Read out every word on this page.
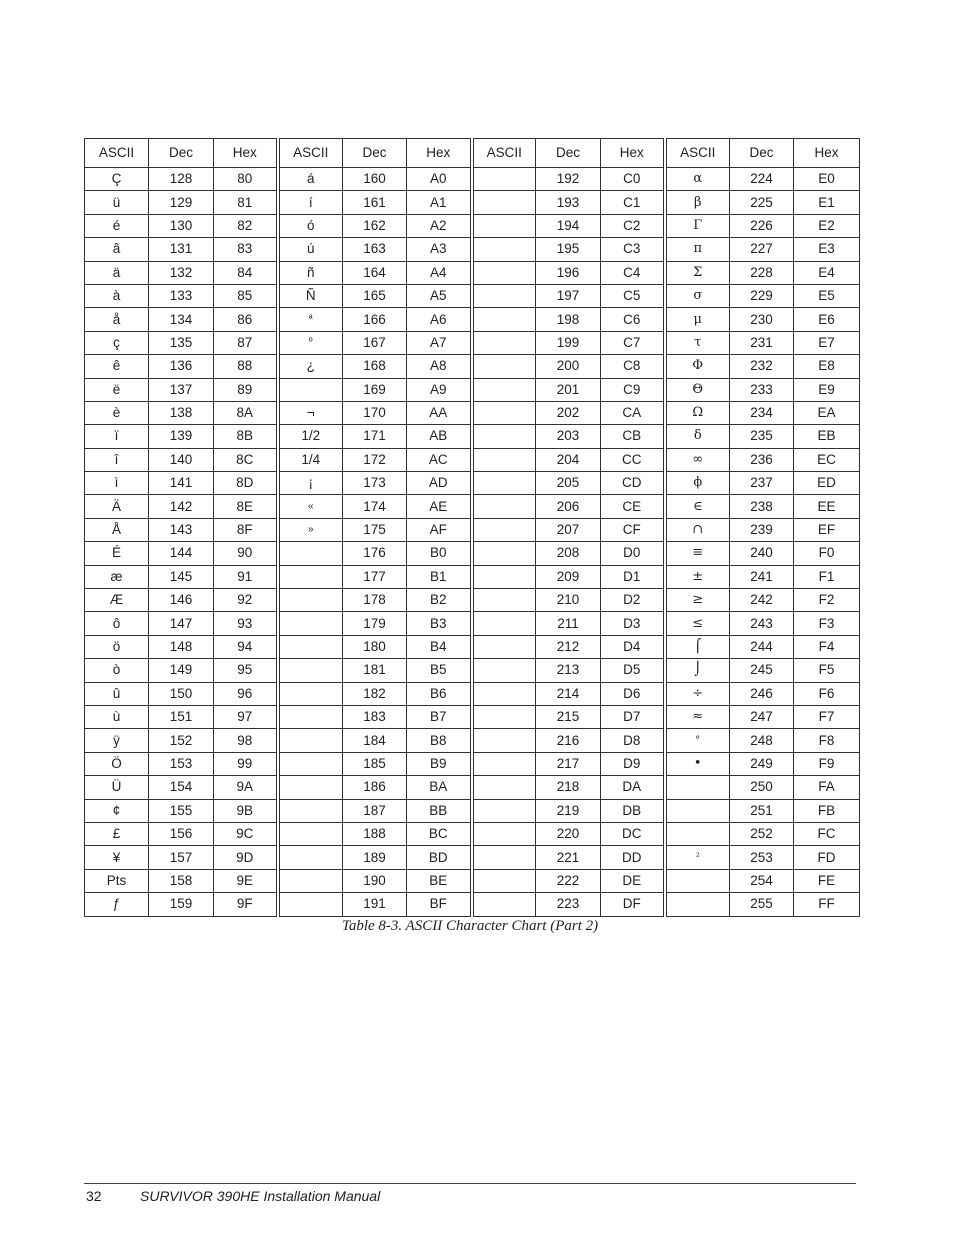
ASCII	Dec	Hex	ASCII	Dec	Hex	ASCII	Dec	Hex	ASCII	Dec	Hex
Ç	128	80	á	160	A0		192	C0	α	224	E0
ü	129	81	í	161	A1		193	C1	β	225	E1
é	130	82	ó	162	A2		194	C2	Γ	226	E2
â	131	83	ú	163	A3		195	C3	π	227	E3
ä	132	84	ñ	164	A4		196	C4	Σ	228	E4
à	133	85	Ñ	165	A5		197	C5	σ	229	E5
å	134	86	ª	166	A6		198	C6	μ	230	E6
ç	135	87	º	167	A7		199	C7	τ	231	E7
ê	136	88	¿	168	A8		200	C8	Φ	232	E8
ë	137	89		169	A9		201	C9	Θ	233	E9
è	138	8A	¬	170	AA		202	CA	Ω	234	EA
ï	139	8B	1/2	171	AB		203	CB	δ	235	EB
î	140	8C	1/4	172	AC		204	CC	∞	236	EC
ì	141	8D	¡	173	AD		205	CD	ϕ	237	ED
Ä	142	8E	«	174	AE		206	CE	∈	238	EE
Å	143	8F	»	175	AF		207	CF	∩	239	EF
É	144	90		176	B0		208	D0	≡	240	F0
æ	145	91		177	B1		209	D1	±	241	F1
Æ	146	92		178	B2		210	D2	≥	242	F2
ô	147	93		179	B3		211	D3	≤	243	F3
ö	148	94		180	B4		212	D4	⌠	244	F4
ò	149	95		181	B5		213	D5	⌡	245	F5
û	150	96		182	B6		214	D6	÷	246	F6
ù	151	97		183	B7		215	D7	≈	247	F7
ÿ	152	98		184	B8		216	D8	°	248	F8
Ö	153	99		185	B9		217	D9	•	249	F9
Ü	154	9A		186	BA		218	DA		250	FA
¢	155	9B		187	BB		219	DB		251	FB
£	156	9C		188	BC		220	DC		252	FC
¥	157	9D		189	BD		221	DD	²	253	FD
Pts	158	9E		190	BE		222	DE		254	FE
ƒ	159	9F		191	BF		223	DF		255	FF
Table 8-3. ASCII Character Chart (Part 2)
32	SURVIVOR 390HE Installation Manual
